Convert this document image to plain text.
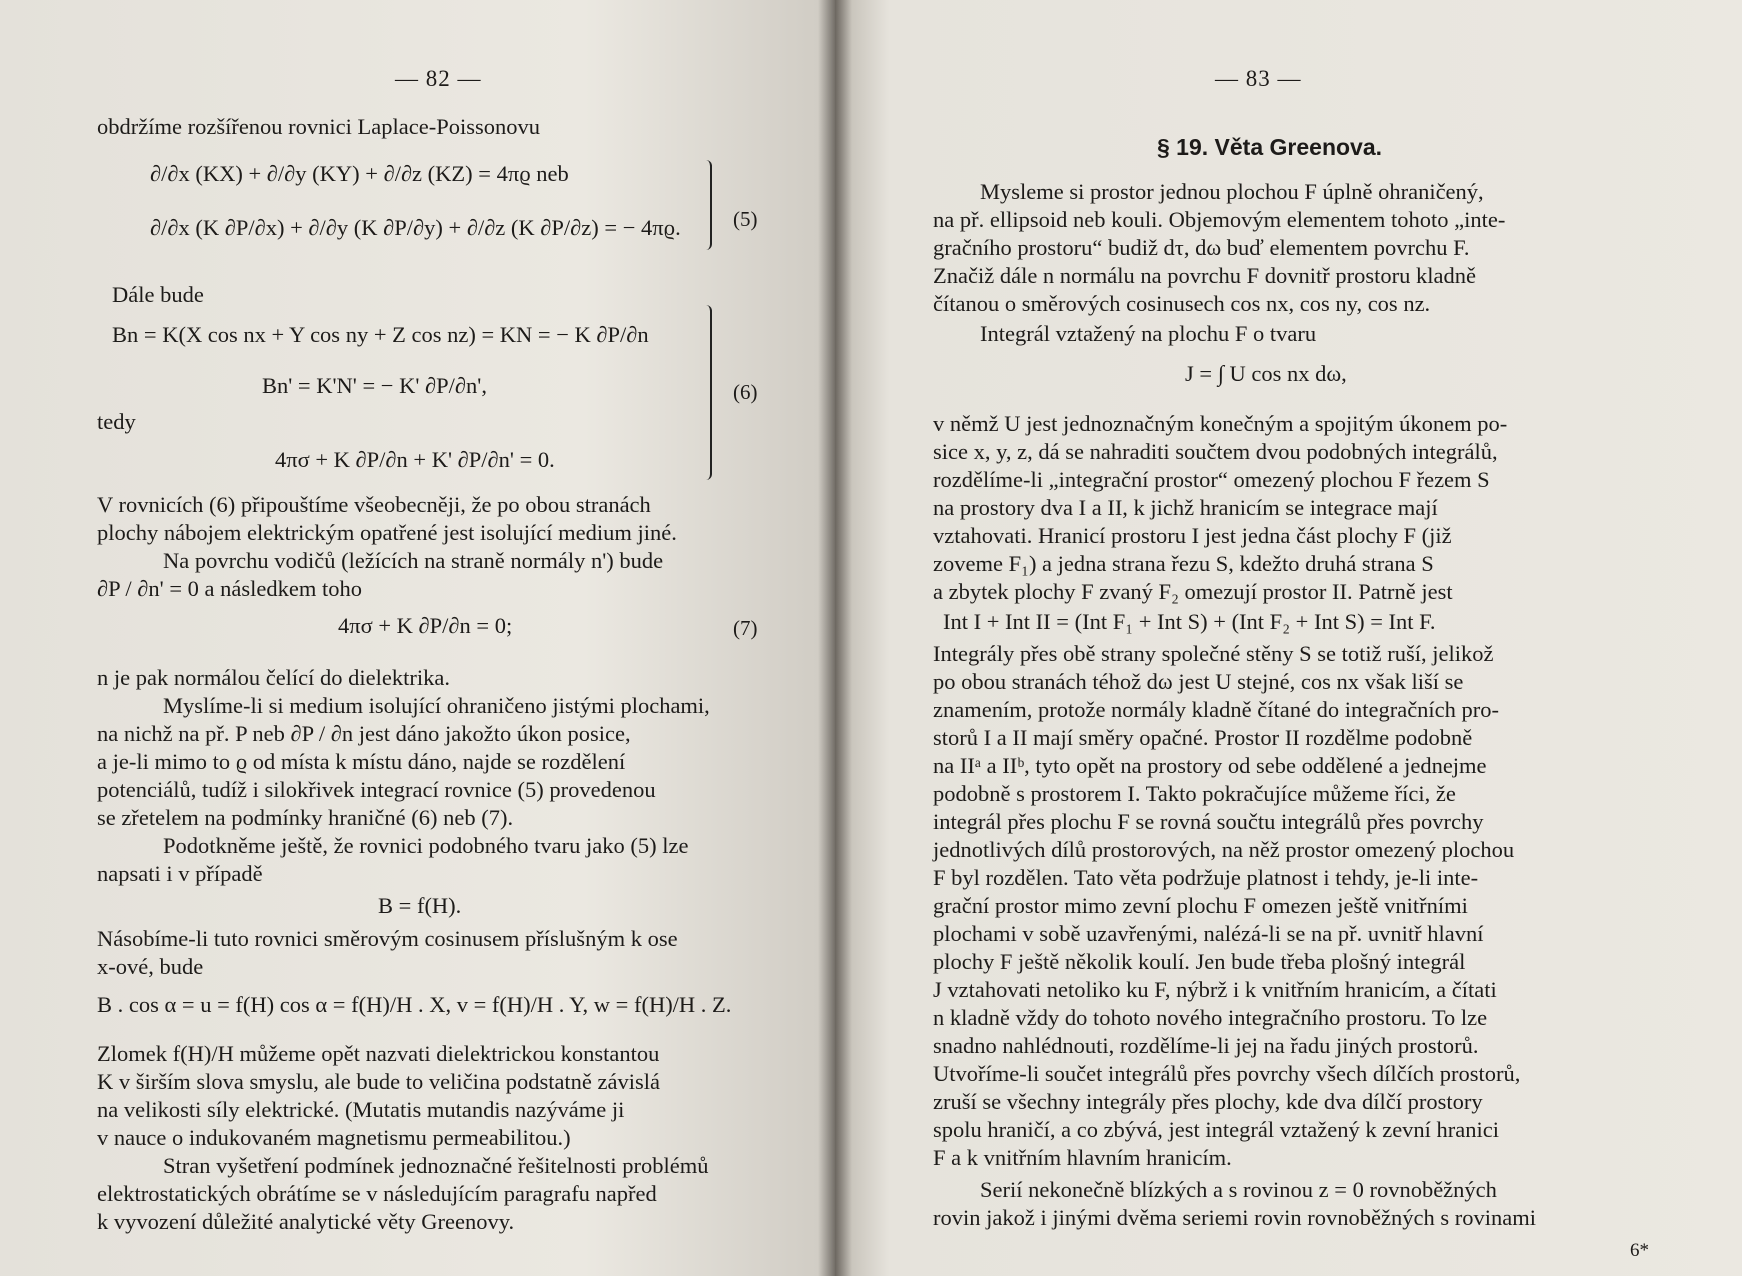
— 82 —
obdržíme rozšířenou rovnici Laplace-Poissonovu
∂/∂x (KX) + ∂/∂y (KY) + ∂/∂z (KZ) = 4πϱ neb
∂/∂x (K ∂P/∂x) + ∂/∂y (K ∂P/∂y) + ∂/∂z (K ∂P/∂z) = − 4πϱ. (5)
Dále bude
Bn = K(X cos nx + Y cos ny + Z cos nz) = KN = − K ∂P/∂n
Bn' = K'N' = − K' ∂P/∂n',
tedy
4πσ + K ∂P/∂n + K' ∂P/∂n' = 0.
(6)
V rovnicích (6) připouštíme všeobecněji, že po obou stranách
plochy nábojem elektrickým opatřené jest isolující medium jiné.
Na povrchu vodičů (ležících na straně normály n') bude
∂P / ∂n' = 0 a následkem toho
4πσ + K ∂P/∂n = 0;	(7)
n je pak normálou čelící do dielektrika.
Myslíme-li si medium isolující ohraničeno jistými plochami,
na nichž na př. P neb ∂P / ∂n jest dáno jakožto úkon posice,
a je-li mimo to ϱ od místa k místu dáno, najde se rozdělení
potenciálů, tudíž i silokřivek integrací rovnice (5) provedenou
se zřetelem na podmínky hraničné (6) neb (7).
Podotkněme ještě, že rovnici podobného tvaru jako (5) lze
napsati i v případě
B = f(H).
Násobíme-li tuto rovnici směrovým cosinusem příslušným k ose
x-ové, bude
B . cos α = u = f(H) cos α = f(H)/H . X, v = f(H)/H . Y, w = f(H)/H . Z.
Zlomek f(H)/H můžeme opět nazvati dielektrickou konstantou
K v širším slova smyslu, ale bude to veličina podstatně závislá
na velikosti síly elektrické. (Mutatis mutandis nazýváme ji
v nauce o indukovaném magnetismu permeabilitou.)
Stran vyšetření podmínek jednoznačné řešitelnosti problémů
elektrostatických obrátíme se v následujícím paragrafu napřed
k vyvození důležité analytické věty Greenovy.
— 83 —
§ 19. Věta Greenova.
Mysleme si prostor jednou plochou F úplně ohraničený,
na př. ellipsoid neb kouli. Objemovým elementem tohoto „inte-
gračního prostoru“ budiž dτ, dω buď elementem povrchu F.
Značiž dále n normálu na povrchu F dovnitř prostoru kladně
čítanou o směrových cosinusech cos nx, cos ny, cos nz.
Integrál vztažený na plochu F o tvaru
J = ∫ U cos nx dω,
v němž U jest jednoznačným konečným a spojitým úkonem po-
sice x, y, z, dá se nahraditi součtem dvou podobných integrálů,
rozdělíme-li „integrační prostor“ omezený plochou F řezem S
na prostory dva I a II, k jichž hranicím se integrace mají
vztahovati. Hranicí prostoru I jest jedna část plochy F (již
zoveme F₁) a jedna strana řezu S, kdežto druhá strana S
a zbytek plochy F zvaný F₂ omezují prostor II. Patrně jest
Int I + Int II = (Int F₁ + Int S) + (Int F₂ + Int S) = Int F.
Integrály přes obě strany společné stěny S se totiž ruší, jelikož
po obou stranách téhož dω jest U stejné, cos nx však liší se
znamením, protože normály kladně čítané do integračních pro-
storů I a II mají směry opačné. Prostor II rozdělme podobně
na IIᵃ a IIᵇ, tyto opět na prostory od sebe oddělené a jednejme
podobně s prostorem I. Takto pokračujíce můžeme říci, že
integrál přes plochu F se rovná součtu integrálů přes povrchy
jednotlivých dílů prostorových, na něž prostor omezený plochou
F byl rozdělen. Tato věta podržuje platnost i tehdy, je-li inte-
grační prostor mimo zevní plochu F omezen ještě vnitřními
plochami v sobě uzavřenými, nalézá-li se na př. uvnitř hlavní
plochy F ještě několik koulí. Jen bude třeba plošný integrál
J vztahovati netoliko ku F, nýbrž i k vnitřním hranicím, a čítati
n kladně vždy do tohoto nového integračního prostoru. To lze
snadno nahlédnouti, rozdělíme-li jej na řadu jiných prostorů.
Utvoříme-li součet integrálů přes povrchy všech dílčích prostorů,
zruší se všechny integrály přes plochy, kde dva dílčí prostory
spolu hraničí, a co zbývá, jest integrál vztažený k zevní hranici
F a k vnitřním hlavním hranicím.
Serií nekonečně blízkých a s rovinou z = 0 rovnoběžných
rovin jakož i jinými dvěma seriemi rovin rovnoběžných s rovinami
6*
